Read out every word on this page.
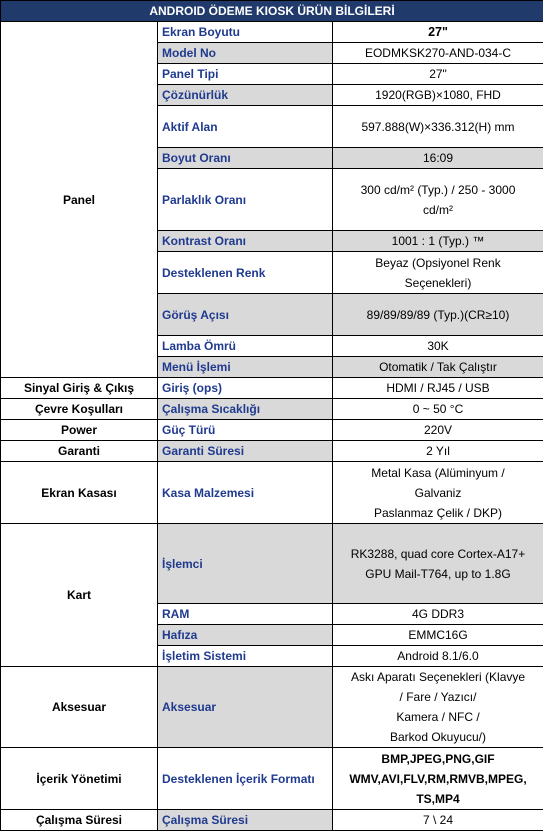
ANDROID ÖDEME KIOSK ÜRÜN BİLGİLERİ		
Panel	Ekran Boyutu	27"
	Model No	EODMKSK270-AND-034-C
	Panel Tipi	27"
	Çözünürlük	1920(RGB)×1080, FHD
	Aktif Alan	597.888(W)×336.312(H) mm
	Boyut Oranı	16:09
	Parlaklık Oranı	300 cd/m² (Typ.) / 250 - 3000
cd/m²

	Kontrast Oranı	1001 : 1 (Typ.) ™
	Desteklenen Renk	Beyaz (Opsiyonel Renk
Seçenekleri)

	Görüş Açısı	89/89/89/89 (Typ.)(CR≥10)
	Lamba Ömrü	30K
	Menü İşlemi	Otomatik / Tak Çalıştır
Sinyal Giriş & Çıkış	Giriş (ops)	HDMI / RJ45 / USB
Çevre Koşulları	Çalışma Sıcaklığı	0 ~ 50 °C
Power	Güç Türü	220V
Garanti	Garanti Süresi	2 Yıl
Ekran Kasası	Kasa Malzemesi	Metal Kasa (Alüminyum /
Galvaniz
Paslanmaz Çelik / DKP)

Kart	İşlemci	RK3288, quad core Cortex-A17+
GPU Mail-T764, up to 1.8G

	RAM	4G DDR3
	Hafıza	EMMC16G
	İşletim Sistemi	Android 8.1/6.0
Aksesuar	Aksesuar	Askı Aparatı Seçenekleri (Klavye
/ Fare / Yazıcı/
Kamera / NFC /
Barkod Okuyucu/)

İçerik Yönetimi	Desteklenen İçerik Formatı	BMP,JPEG,PNG,GIF
WMV,AVI,FLV,RM,RMVB,MPEG,
TS,MP4

Çalışma Süresi	Çalışma Süresi	7 \ 24
